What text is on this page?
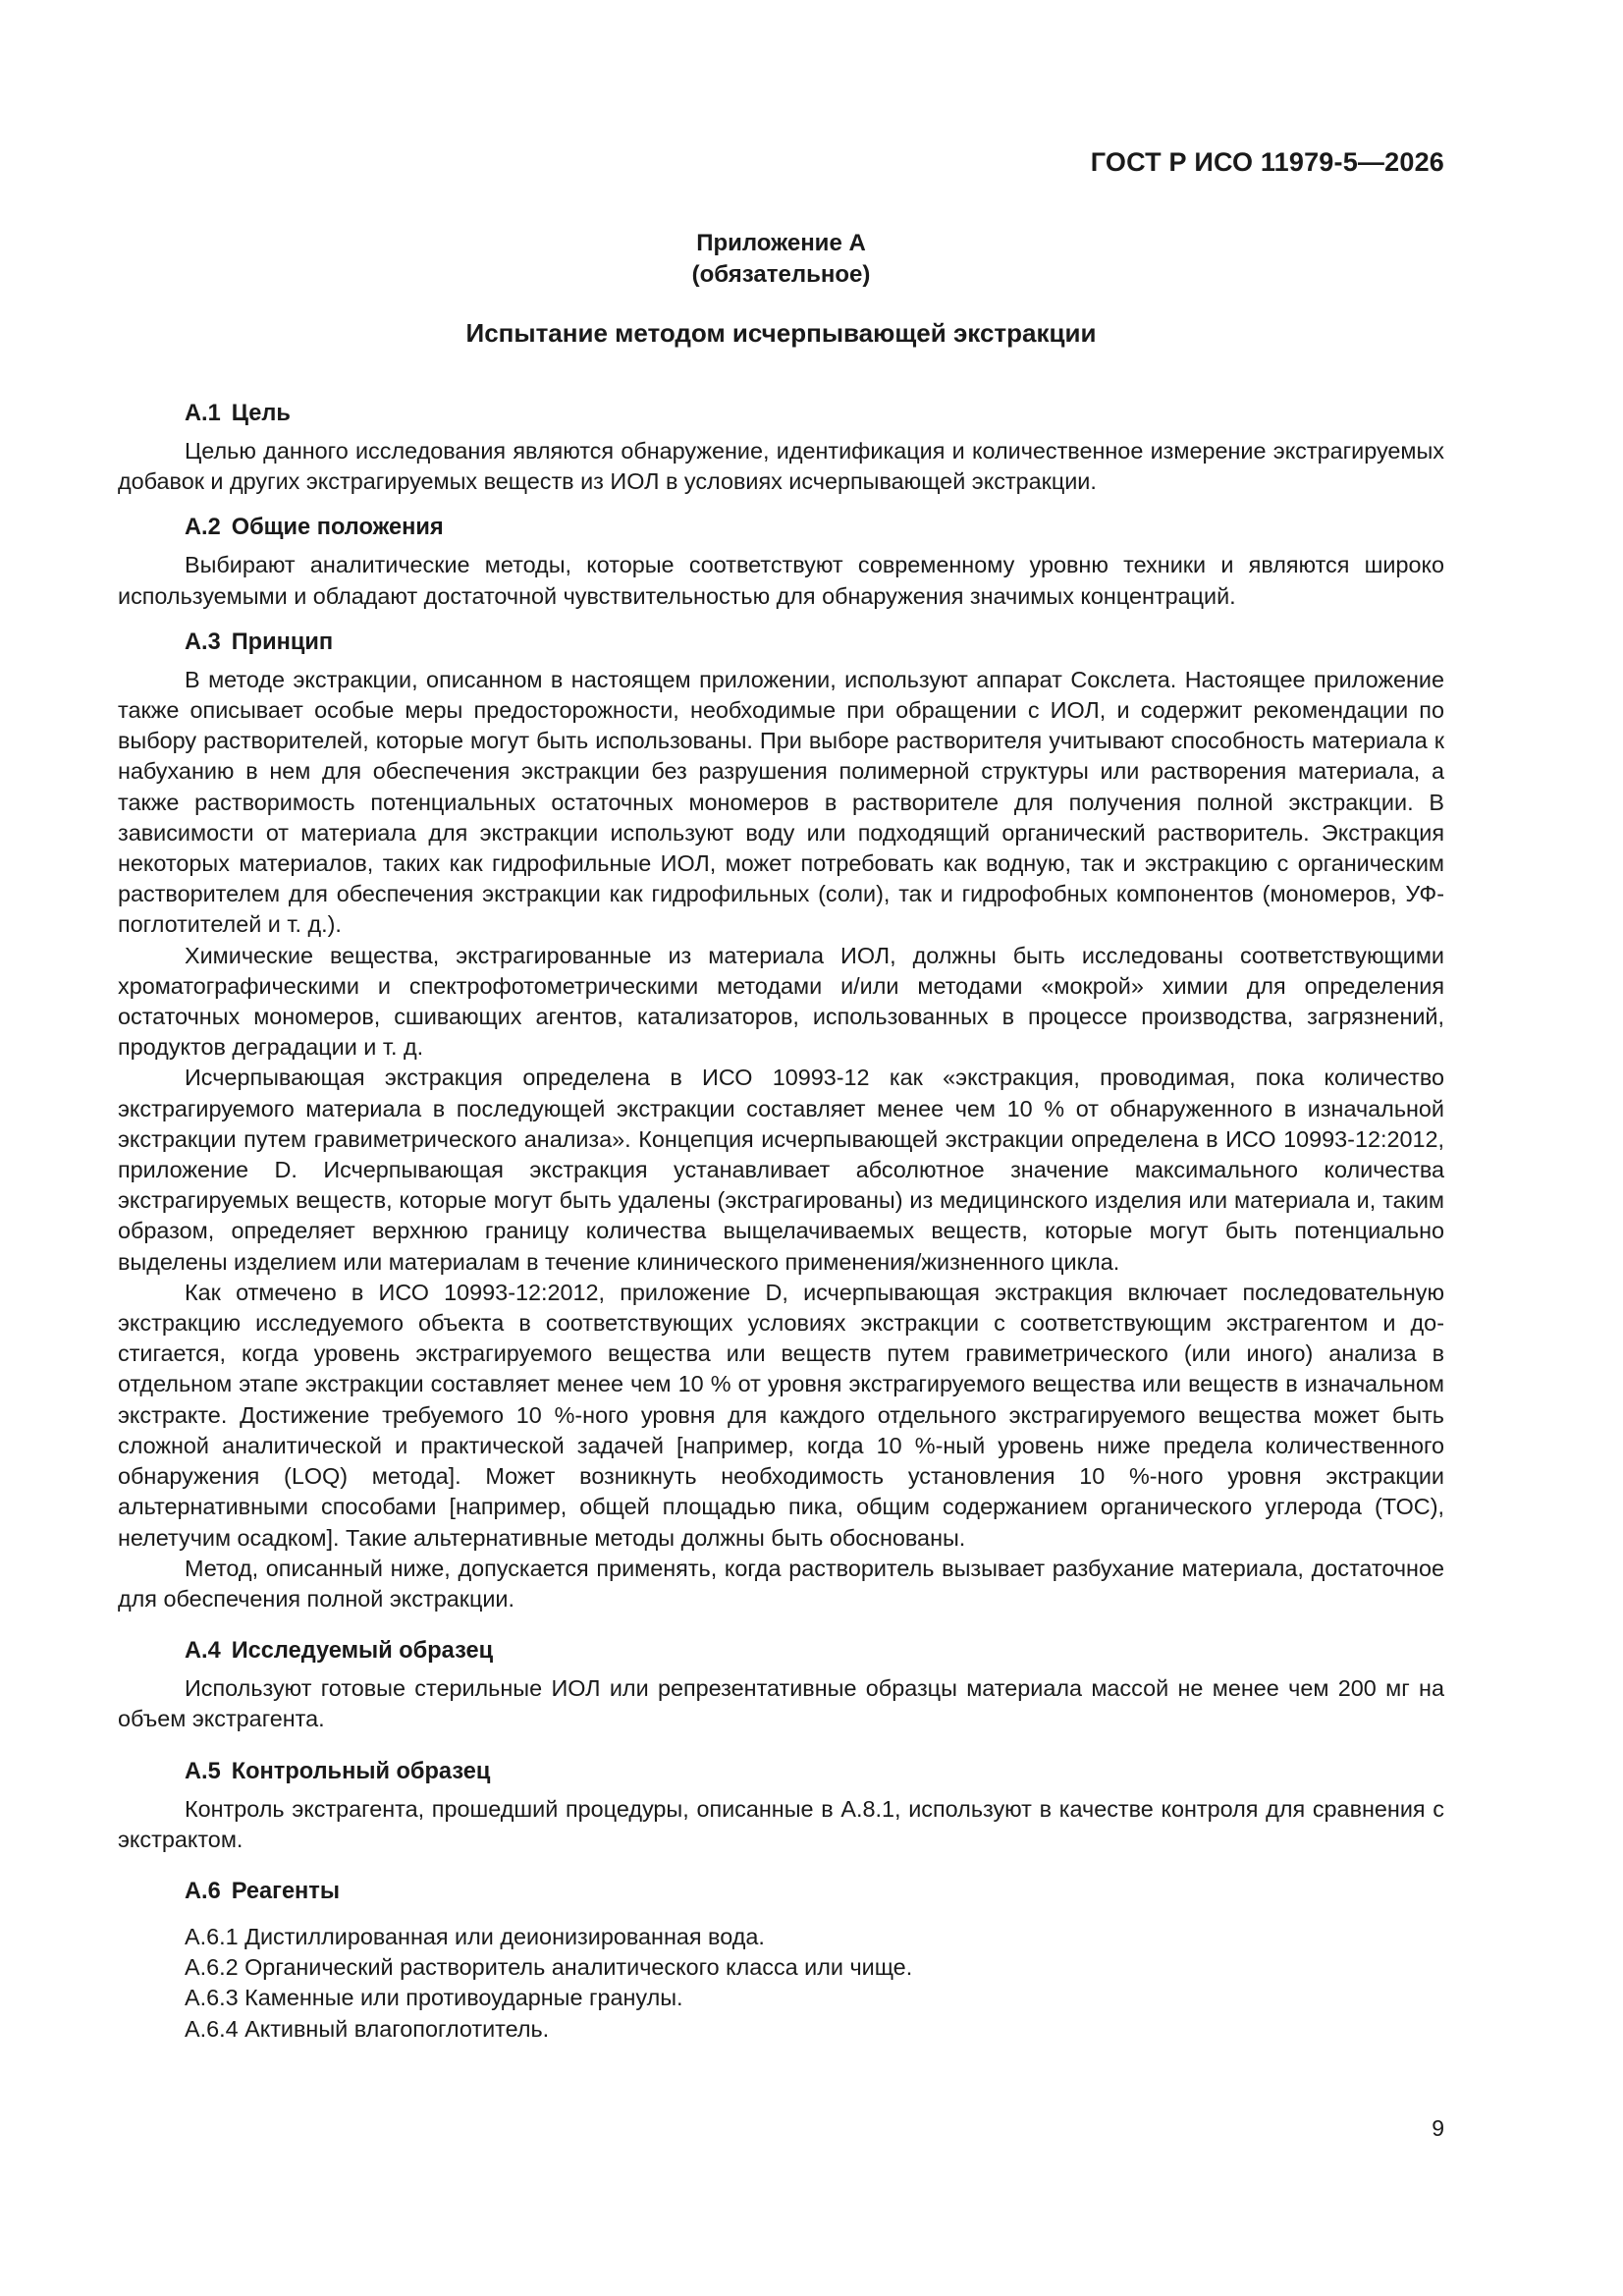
ГОСТ Р ИСО 11979-5—2026
Приложение A
(обязательное)
Испытание методом исчерпывающей экстракции
A.1 Цель

Целью данного исследования являются обнаружение, идентификация и количественное измерение экстрагируемых добавок и других экстрагируемых веществ из ИОЛ в условиях исчерпывающей экстракции.

A.2 Общие положения

Выбирают аналитические методы, которые соответствуют современному уровню техники и являются широко используемыми и обладают достаточной чувствительностью для обнаружения значимых концентраций.

A.3 Принцип

В методе экстракции, описанном в настоящем приложении, используют аппарат Сокслета. Настоящее приложение также описывает особые меры предосторожности, необходимые при обращении с ИОЛ, и содержит рекомендации по выбору растворителей, которые могут быть использованы. При выборе растворителя учитывают способность материала к набуханию в нем для обеспечения экстракции без разрушения полимерной структуры или растворения материала, а также растворимость потенциальных остаточных мономеров в растворителе для получения полной экстракции. В зависимости от материала для экстракции используют воду или подходящий органический растворитель. Экстракция некоторых материалов, таких как гидрофильные ИОЛ, может потребовать как водную, так и экстракцию с органическим растворителем для обеспечения экстракции как гидрофильных (соли), так и гидрофобных компонентов (мономеров, УФ-поглотителей и т. д.).

Химические вещества, экстрагированные из материала ИОЛ, должны быть исследованы соответствующими хроматографическими и спектрофотометрическими методами и/или методами «мокрой» химии для определения остаточных мономеров, сшивающих агентов, катализаторов, использованных в процессе производства, загрязнений, продуктов деградации и т. д.

Исчерпывающая экстракция определена в ИСО 10993-12 как «экстракция, проводимая, пока количество экстрагируемого материала в последующей экстракции составляет менее чем 10 % от обнаруженного в изначальной экстракции путем гравиметрического анализа». Концепция исчерпывающей экстракции определена в ИСО 10993-12:2012, приложение D. Исчерпывающая экстракция устанавливает абсолютное значение максимального количества экстрагируемых веществ, которые могут быть удалены (экстрагированы) из медицинского изделия или материала и, таким образом, определяет верхнюю границу количества выщелачиваемых веществ, которые могут быть потенциально выделены изделием или материалам в течение клинического применения/жизненного цикла.

Как отмечено в ИСО 10993-12:2012, приложение D, исчерпывающая экстракция включает последовательную экстракцию исследуемого объекта в соответствующих условиях экстракции с соответствующим экстрагентом и достигается, когда уровень экстрагируемого вещества или веществ путем гравиметрического (или иного) анализа в отдельном этапе экстракции составляет менее чем 10 % от уровня экстрагируемого вещества или веществ в изначальном экстракте. Достижение требуемого 10 %-ного уровня для каждого отдельного экстрагируемого вещества может быть сложной аналитической и практической задачей [например, когда 10 %-ный уровень ниже предела количественного обнаружения (LOQ) метода]. Может возникнуть необходимость установления 10 %-ного уровня экстракции альтернативными способами [например, общей площадью пика, общим содержанием органического углерода (TOC), нелетучим осадком]. Такие альтернативные методы должны быть обоснованы.

Метод, описанный ниже, допускается применять, когда растворитель вызывает разбухание материала, достаточное для обеспечения полной экстракции.

A.4 Исследуемый образец

Используют готовые стерильные ИОЛ или репрезентативные образцы материала массой не менее чем 200 мг на объем экстрагента.

A.5 Контрольный образец

Контроль экстрагента, прошедший процедуры, описанные в A.8.1, используют в качестве контроля для сравнения с экстрактом.

A.6 Реагенты

A.6.1 Дистиллированная или деионизированная вода.

A.6.2 Органический растворитель аналитического класса или чище.

A.6.3 Каменные или противоударные гранулы.

A.6.4 Активный влагопоглотитель.

9
